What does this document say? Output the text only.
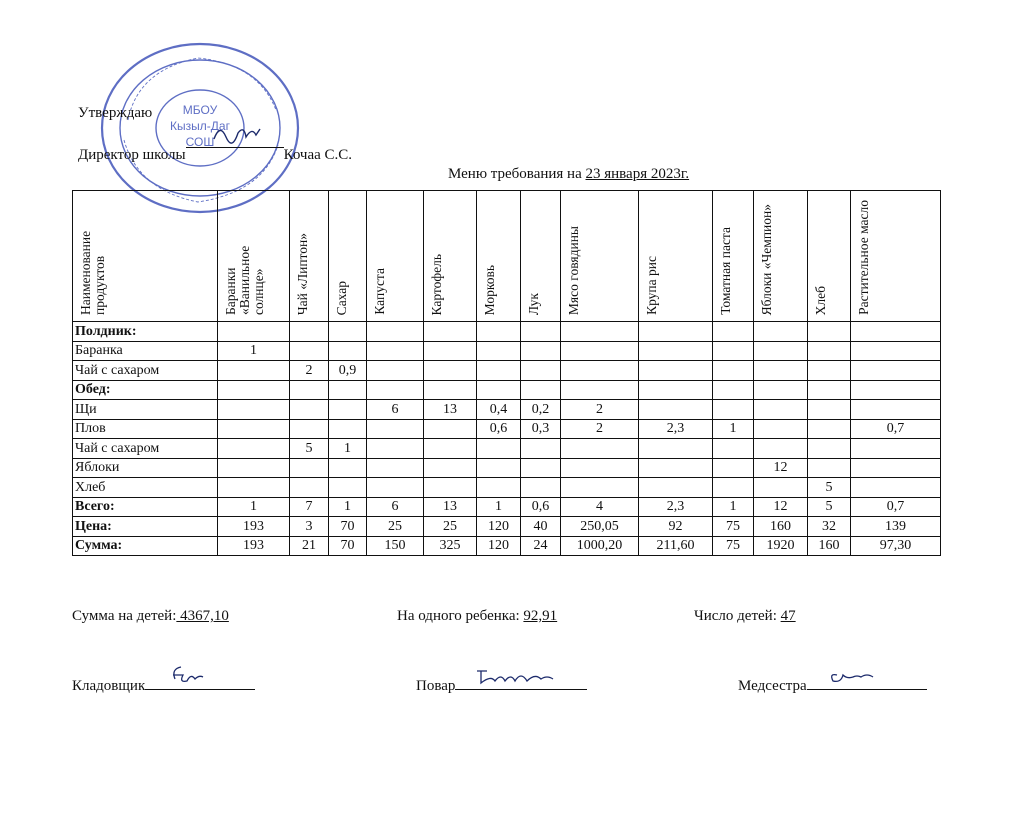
МБОУ
Кызыл-Даг
СОШ
Утверждаю
Директор школы	Кочаа С.С.
Меню требования на 23 января 2023г.
Наименование продуктов	Баранки «Ванильное солнце»	Чай «Липтон»	Сахар	Капуста	Картофель	Морковь	Лук	Мясо говядины	Крупа рис	Томатная паста	Яблоки «Чемпион»	Хлеб	Растительное масло

Полдник:													
Баранка	1												
Чай с сахаром		2	0,9										
Обед:													
Щи				6	13	0,4	0,2	2					
Плов						0,6	0,3	2	2,3	1			0,7
Чай с сахаром		5	1										
Яблоки											12		
Хлеб												5	
Всего:	1	7	1	6	13	1	0,6	4	2,3	1	12	5	0,7
Цена:	193	3	70	25	25	120	40	250,05	92	75	160	32	139
Сумма:	193	21	70	150	325	120	24	1000,20	211,60	75	1920	160	97,30
Сумма на детей: 4367,10	На одного ребенка: 92,91	Число детей: 47
Кладовщик	Повар	Медсестра
